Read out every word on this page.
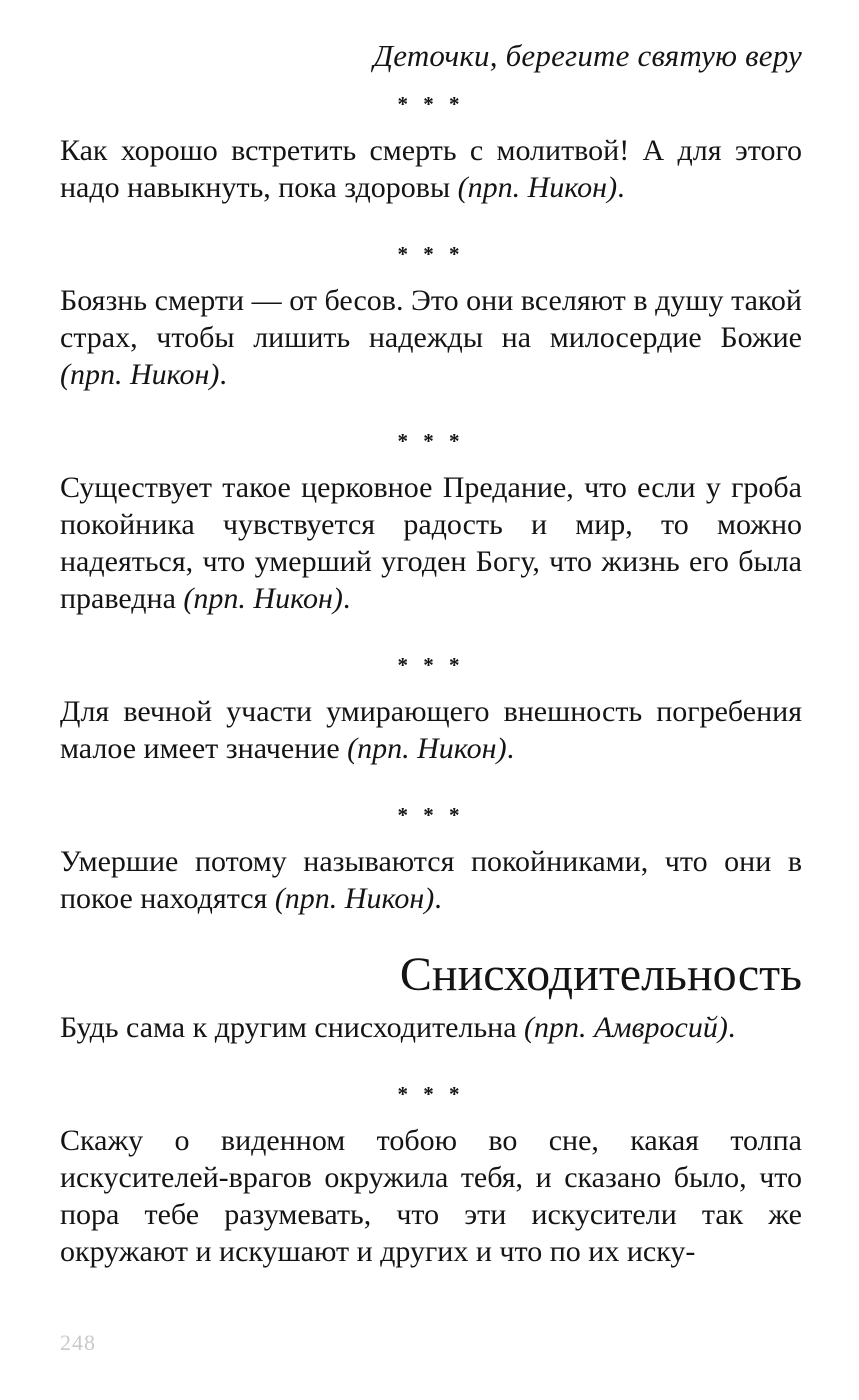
Деточки, берегите святую веру
* * *

Как хорошо встретить смерть с молитвой! А для этого надо навыкнуть, пока здоровы (прп. Никон).

* * *

Боязнь смерти — от бесов. Это они вселяют в душу такой страх, чтобы лишить надежды на милосердие Божие (прп. Никон).

* * *

Существует такое церковное Предание, что если у гроба покойника чувствуется радость и мир, то можно надеяться, что умерший угоден Богу, что жизнь его была праведна (прп. Никон).

* * *

Для вечной участи умирающего внешность погребения малое имеет значение (прп. Никон).

* * *

Умершие потому называются покойниками, что они в покое находятся (прп. Никон).

Снисходительность

Будь сама к другим снисходительна (прп. Амвросий).

* * *

Скажу о виденном тобою во сне, какая толпа искусителей-врагов окружила тебя, и сказано было, что пора тебе разумевать, что эти искусители так же окружают и искушают и других и что по их иску-

248
